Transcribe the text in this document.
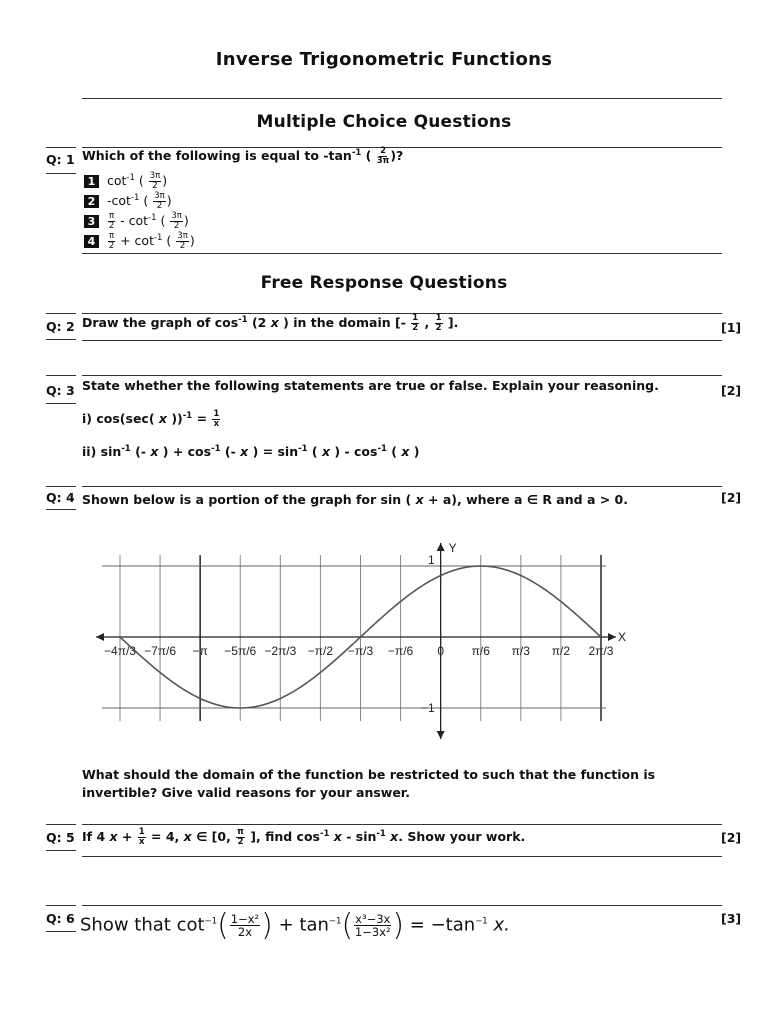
Inverse Trigonometric Functions
Multiple Choice Questions
Q: 1 Which of the following is equal to $-\tan^{-1}$ ( $\frac{2}{3\pi}$ )?
1 $\cot^{-1}$ ( $\frac{3\pi}{2}$ )
2 $-\cot^{-1}$ ( $\frac{3\pi}{2}$ )
$3 \frac{\pi}{2} - \cot^{-1}$ ( $\frac{3\pi}{2}$ )
$4 \frac{\pi}{2} + \cot^{-1}$ ( $\frac{3\pi}{2}$ )
Free Response Questions
Q: 2 Draw the graph of $\cos^{-1} (2$ x ) in the domain [- $\frac{1}{2}$ , $\frac{1}{2}$ ].	[1]
Q: 3 State whether the following statements are true or false. Explain your reasoning.	[2]
i) cos(sec( x ))$^{-1} = \frac{1}{x}$
ii) $\sin^{-1}$ (- x ) + $\cos^{-1}$ (- x ) = $\sin^{-1}$ ( x ) - $\cos^{-1}$ ( x )
Q: 4 Shown below is a portion of the graph for sin ( x + a), where a ∈ R and a > 0.	[2]
X
Y
−4π/3 −7π/6 −π −5π/6 −2π/3 −π/2 −π/3 −π/6 0 π/6 π/3 π/2 2π/3
1
−1
What should the domain of the function be restricted to such that the function is
invertible? Give valid reasons for your answer.
Q: 5 If 4 $x + \frac{1}{x} = 4$, x ∈ [0, $\frac{\pi}{2}$ ], find $\cos^{-1} x - \sin^{-1} x$. Show your work.	[2]
Q: 6 Show that $\cot^{-1}( \frac{\text{1−x²}}{2x}$ ) + $\tan^{-1}( \frac{\text{x³−3x}}{\text{1−3x²}}$ ) = $-\tan^{-1}$ x.	[3]
